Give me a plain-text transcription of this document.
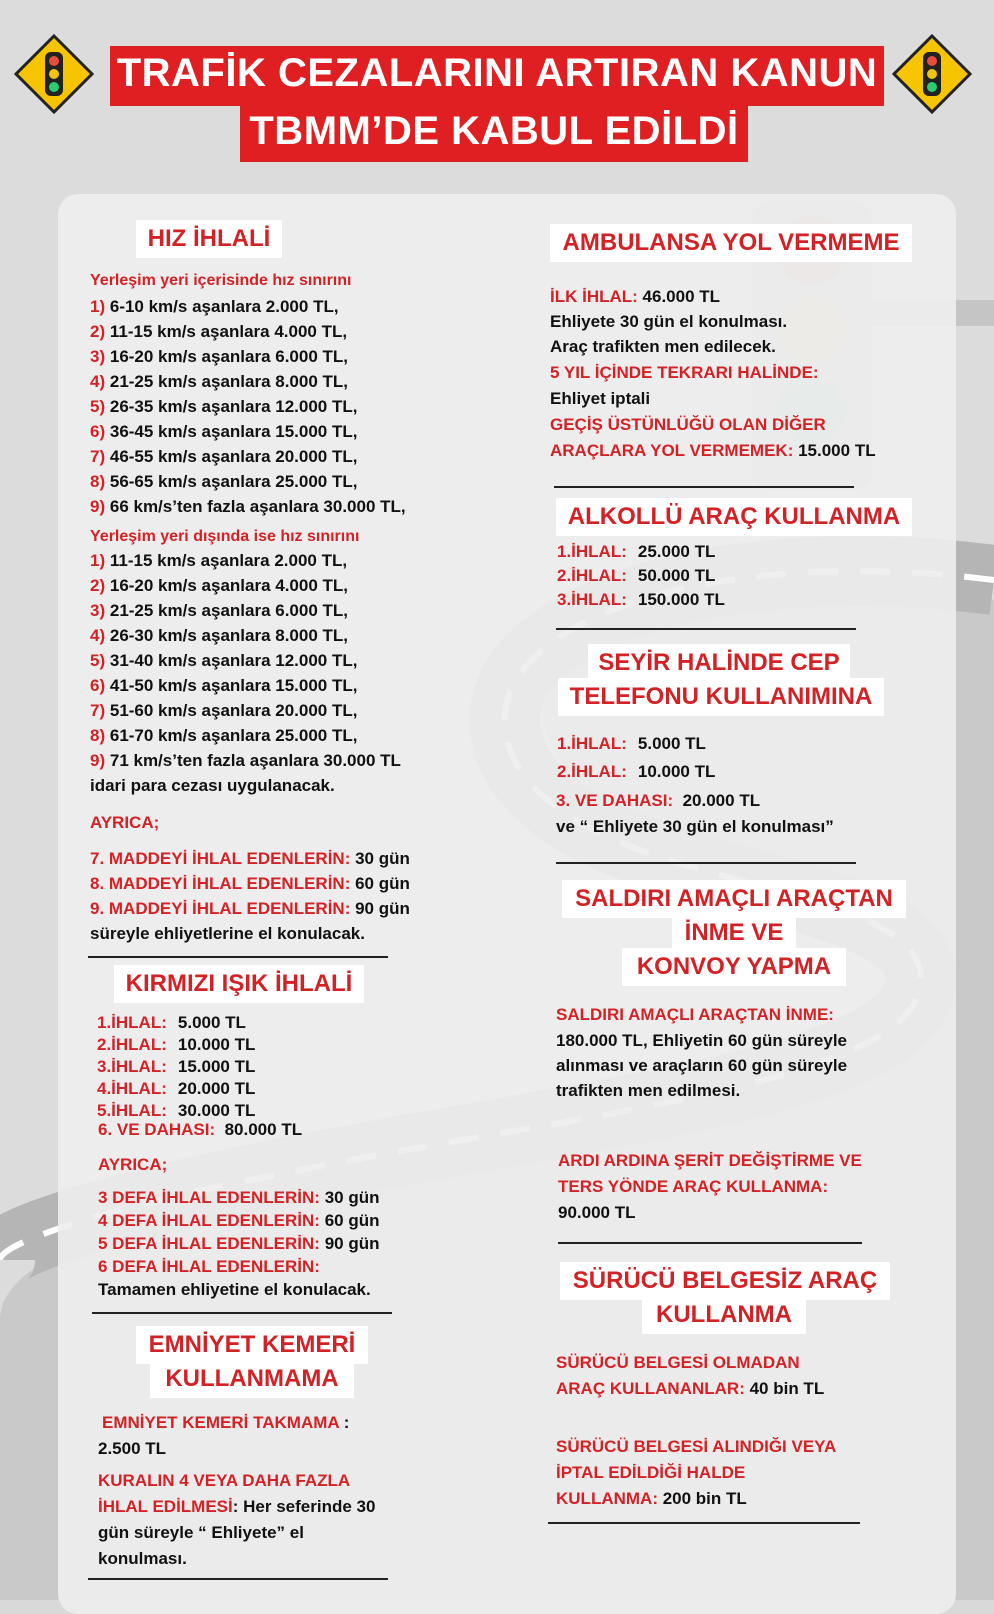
TRAFİK CEZALARINI ARTIRAN KANUN
TBMM’DE KABUL EDİLDİ
HIZ İHLALİ
Yerleşim yeri içerisinde hız sınırını
1) 6-10 km/s aşanlara 2.000 TL,
2) 11-15 km/s aşanlara 4.000 TL,
3) 16-20 km/s aşanlara 6.000 TL,
4) 21-25 km/s aşanlara 8.000 TL,
5) 26-35 km/s aşanlara 12.000 TL,
6) 36-45 km/s aşanlara 15.000 TL,
7) 46-55 km/s aşanlara 20.000 TL,
8) 56-65 km/s aşanlara 25.000 TL,
9) 66 km/s’ten fazla aşanlara 30.000 TL,
Yerleşim yeri dışında ise hız sınırını
1) 11-15 km/s aşanlara 2.000 TL,
2) 16-20 km/s aşanlara 4.000 TL,
3) 21-25 km/s aşanlara 6.000 TL,
4) 26-30 km/s aşanlara 8.000 TL,
5) 31-40 km/s aşanlara 12.000 TL,
6) 41-50 km/s aşanlara 15.000 TL,
7) 51-60 km/s aşanlara 20.000 TL,
8) 61-70 km/s aşanlara 25.000 TL,
9) 71 km/s’ten fazla aşanlara 30.000 TL
idari para cezası uygulanacak.
AYRICA;
7. MADDEYİ İHLAL EDENLERİN: 30 gün
8. MADDEYİ İHLAL EDENLERİN: 60 gün
9. MADDEYİ İHLAL EDENLERİN: 90 gün
süreyle ehliyetlerine el konulacak.
KIRMIZI IŞIK İHLALİ
1.İHLAL:	5.000 TL
2.İHLAL:	10.000 TL
3.İHLAL:	15.000 TL
4.İHLAL:	20.000 TL
5.İHLAL:	30.000 TL
6. VE DAHASI: 80.000 TL
AYRICA;
3 DEFA İHLAL EDENLERİN: 30 gün
4 DEFA İHLAL EDENLERİN: 60 gün
5 DEFA İHLAL EDENLERİN: 90 gün
6 DEFA İHLAL EDENLERİN:
Tamamen ehliyetine el konulacak.
EMNİYET KEMERİ
KULLANMAMA
EMNİYET KEMERİ TAKMAMA :
2.500 TL
KURALIN 4 VEYA DAHA FAZLA
İHLAL EDİLMESİ: Her seferinde 30
gün süreyle “ Ehliyete” el
konulması.
AMBULANSA YOL VERMEME
İLK İHLAL: 46.000 TL
Ehliyete 30 gün el konulması.
Araç trafikten men edilecek.
5 YIL İÇİNDE TEKRARI HALİNDE:
Ehliyet iptali
GEÇİŞ ÜSTÜNLÜĞÜ OLAN DİĞER
ARAÇLARA YOL VERMEMEK: 15.000 TL
ALKOLLÜ ARAÇ KULLANMA
1.İHLAL:	25.000 TL
2.İHLAL:	50.000 TL
3.İHLAL:	150.000 TL
SEYİR HALİNDE CEP
TELEFONU KULLANIMINA
1.İHLAL:	5.000 TL
2.İHLAL:	10.000 TL
3. VE DAHASI: 20.000 TL
ve “ Ehliyete 30 gün el konulması”
SALDIRI AMAÇLI ARAÇTAN
İNME VE
KONVOY YAPMA
SALDIRI AMAÇLI ARAÇTAN İNME:
180.000 TL, Ehliyetin 60 gün süreyle
alınması ve araçların 60 gün süreyle
trafikten men edilmesi.
ARDI ARDINA ŞERİT DEĞİŞTİRME VE
TERS YÖNDE ARAÇ KULLANMA:
90.000 TL
SÜRÜCÜ BELGESİZ ARAÇ
KULLANMA
SÜRÜCÜ BELGESİ OLMADAN
ARAÇ KULLANANLAR: 40 bin TL
SÜRÜCÜ BELGESİ ALINDIĞI VEYA
İPTAL EDİLDİĞİ HALDE
KULLANMA: 200 bin TL
